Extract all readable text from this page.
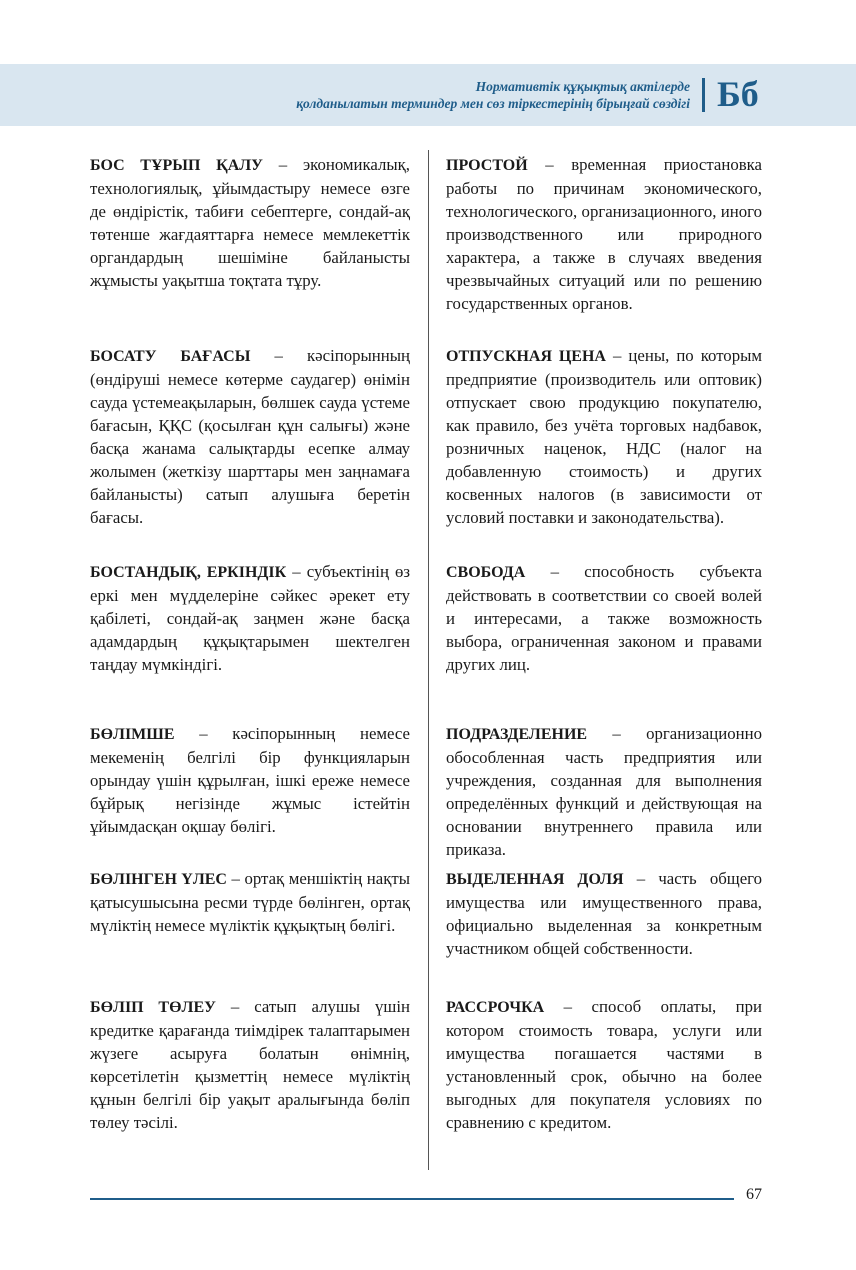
Нормативтік құқықтық актілерде
қолданылатын терминдер мен сөз тіркестерінің бірыңғай сөздігі Бб
БОС ТҰРЫП ҚАЛУ – экономикалық, технологиялық, ұйымдастыру немесе өзге де өндірістік, табиғи себептерге, сондай-ақ төтенше жағдаяттарға немесе мемлекеттік органдардың шешіміне байланысты жұмысты уақытша тоқтата тұру.
ПРОСТОЙ – временная приостановка работы по причинам экономического, технологического, организационного, иного производственного или природного характера, а также в случаях введения чрезвычайных ситуаций или по решению государственных органов.
БОСАТУ БАҒАСЫ – кәсіпорынның (өндіруші немесе көтерме саудагер) өнімін сауда үстемеақыларын, бөлшек сауда үстеме бағасын, ҚҚС (қосылған құн салығы) және басқа жанама салықтарды есепке алмау жолымен (жеткізу шарттары мен заңнамаға байланысты) сатып алушыға беретін бағасы.
ОТПУСКНАЯ ЦЕНА – цены, по которым предприятие (производитель или оптовик) отпускает свою продукцию покупателю, как правило, без учёта торговых надбавок, розничных наценок, НДС (налог на добавленную стоимость) и других косвенных налогов (в зависимости от условий поставки и законодательства).
БОСТАНДЫҚ, ЕРКІНДІК – субъектінің өз еркі мен мүдделеріне сәйкес әрекет ету қабілеті, сондай-ақ заңмен және басқа адамдардың құқықтарымен шектелген таңдау мүмкіндігі.
СВОБОДА – способность субъекта действовать в соответствии со своей волей и интересами, а также возможность выбора, ограниченная законом и правами других лиц.
БӨЛІМШЕ – кәсіпорынның немесе мекеменің белгілі бір функцияларын орындау үшін құрылған, ішкі ереже немесе бұйрық негізінде жұмыс істейтін ұйымдасқан оқшау бөлігі.
ПОДРАЗДЕЛЕНИЕ – организационно обособленная часть предприятия или учреждения, созданная для выполнения определённых функций и действующая на основании внутреннего правила или приказа.
БӨЛІНГЕН ҮЛЕС – ортақ меншіктің нақты қатысушысына ресми түрде бөлінген, ортақ мүліктің немесе мүліктік құқықтың бөлігі.
ВЫДЕЛЕННАЯ ДОЛЯ – часть общего имущества или имущественного права, официально выделенная за конкретным участником общей собственности.
БӨЛІП ТӨЛЕУ – сатып алушы үшін кредитке қарағанда тиімдірек талаптарымен жүзеге асыруға болатын өнімнің, көрсетілетін қызметтің немесе мүліктің құнын белгілі бір уақыт аралығында бөліп төлеу тәсілі.
РАССРОЧКА – способ оплаты, при котором стоимость товара, услуги или имущества погашается частями в установленный срок, обычно на более выгодных для покупателя условиях по сравнению с кредитом.
67
